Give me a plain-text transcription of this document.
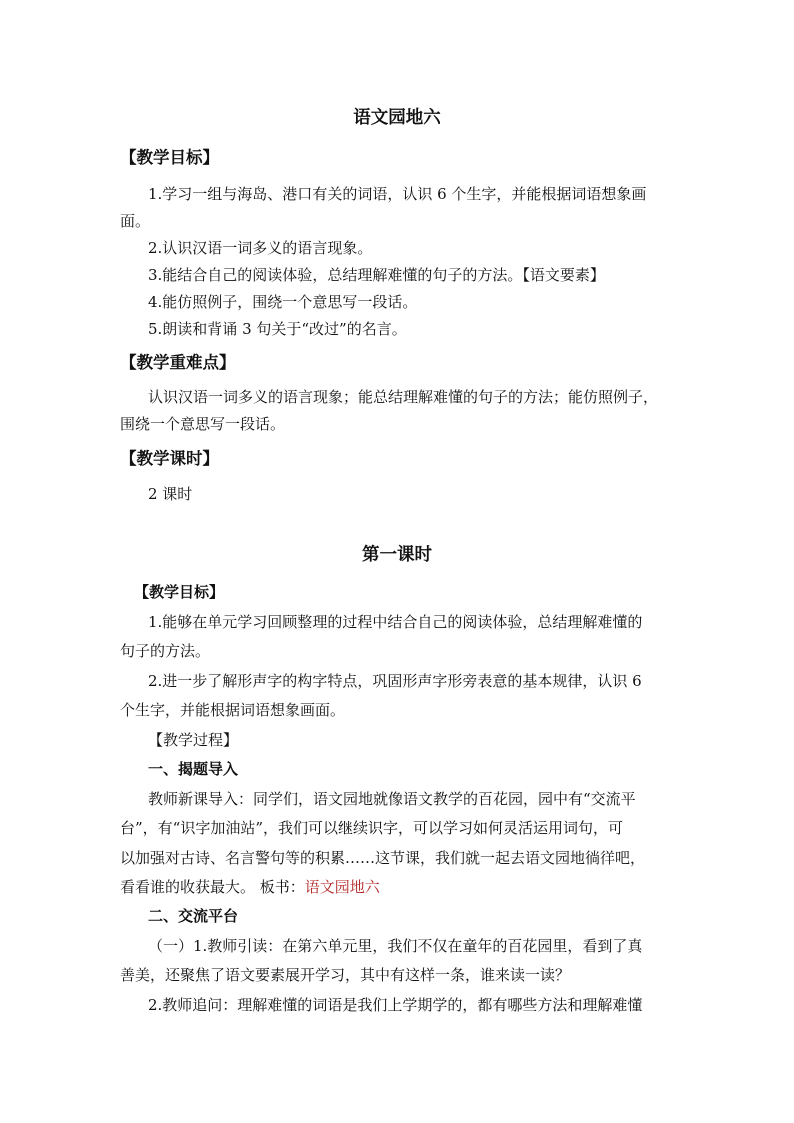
语文园地六
【教学目标】
1.学习一组与海岛、港口有关的词语，认识 6 个生字，并能根据词语想象画
面。
2.认识汉语一词多义的语言现象。
3.能结合自己的阅读体验，总结理解难懂的句子的方法。【语文要素】
4.能仿照例子，围绕一个意思写一段话。
5.朗读和背诵 3 句关于“改过”的名言。
【教学重难点】
认识汉语一词多义的语言现象；能总结理解难懂的句子的方法；能仿照例子，
围绕一个意思写一段话。
【教学课时】
2 课时
第一课时
【教学目标】
1.能够在单元学习回顾整理的过程中结合自己的阅读体验，总结理解难懂的
句子的方法。
2.进一步了解形声字的构字特点，巩固形声字形旁表意的基本规律，认识 6
个生字，并能根据词语想象画面。
【教学过程】
一、揭题导入
教师新课导入：同学们，语文园地就像语文教学的百花园，园中有“交流平
台”，有“识字加油站”，我们可以继续识字，可以学习如何灵活运用词句，可
以加强对古诗、名言警句等的积累……这节课，我们就一起去语文园地徜徉吧，
看看谁的收获最大。 板书：语文园地六
二、交流平台
（一）1.教师引读：在第六单元里，我们不仅在童年的百花园里，看到了真
善美，还聚焦了语文要素展开学习，其中有这样一条，谁来读一读？
2.教师追问：理解难懂的词语是我们上学期学的，都有哪些方法和理解难懂
